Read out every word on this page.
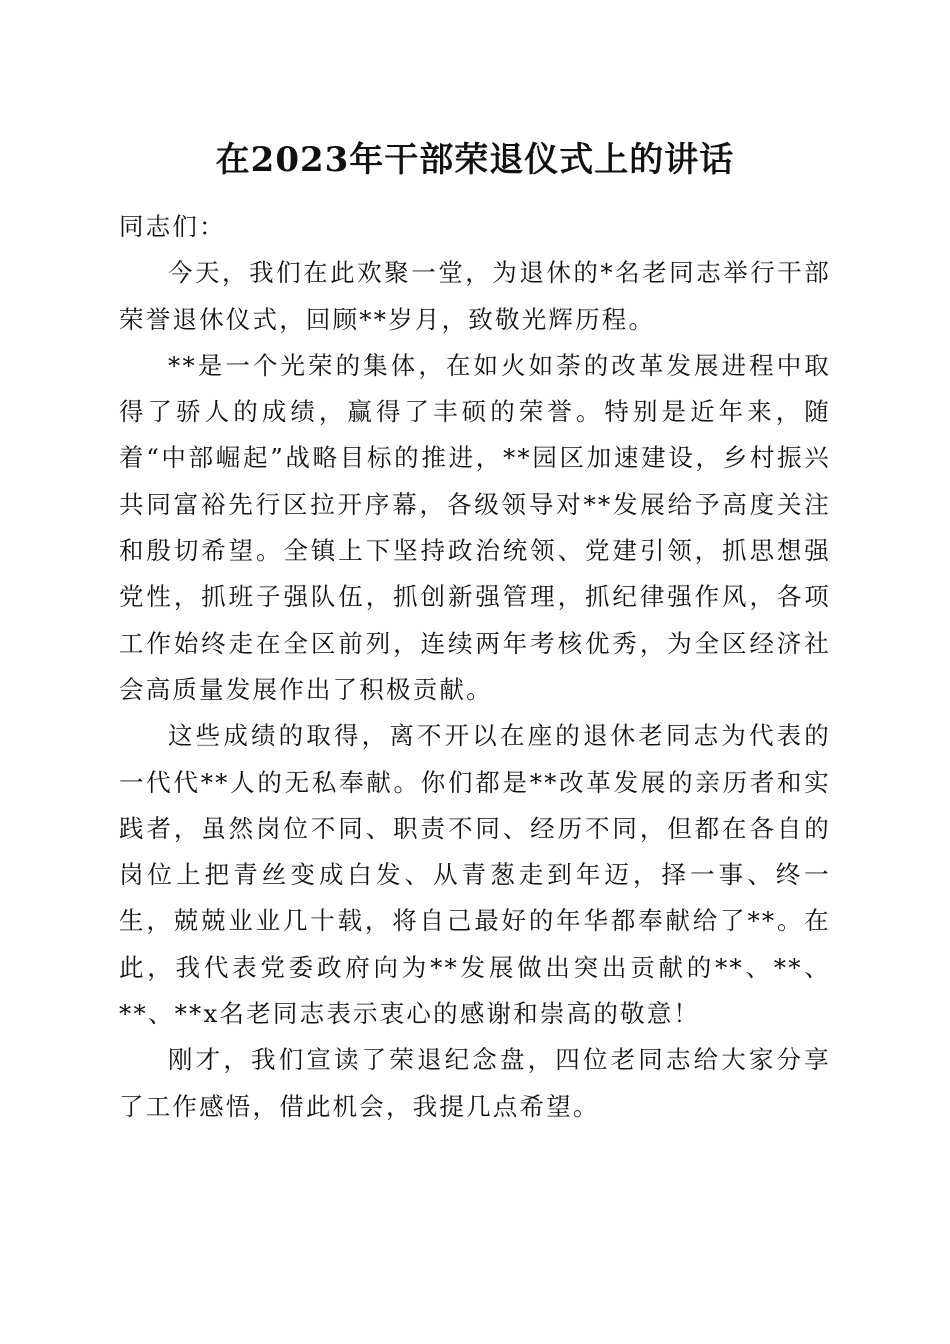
在2023年干部荣退仪式上的讲话

同志们：

今天，我们在此欢聚一堂，为退休的*名老同志举行干部荣誉退休仪式，回顾**岁月，致敬光辉历程。

**是一个光荣的集体，在如火如荼的改革发展进程中取得了骄人的成绩，赢得了丰硕的荣誉。特别是近年来，随着“中部崛起”战略目标的推进，**园区加速建设，乡村振兴共同富裕先行区拉开序幕，各级领导对**发展给予高度关注和殷切希望。全镇上下坚持政治统领、党建引领，抓思想强党性，抓班子强队伍，抓创新强管理，抓纪律强作风，各项工作始终走在全区前列，连续两年考核优秀，为全区经济社会高质量发展作出了积极贡献。

这些成绩的取得，离不开以在座的退休老同志为代表的一代代**人的无私奉献。你们都是**改革发展的亲历者和实践者，虽然岗位不同、职责不同、经历不同，但都在各自的岗位上把青丝变成白发、从青葱走到年迈，择一事、终一生，兢兢业业几十载，将自己最好的年华都奉献给了**。在此，我代表党委政府向为**发展做出突出贡献的**、**、**、**x名老同志表示衷心的感谢和崇高的敬意！

刚才，我们宣读了荣退纪念盘，四位老同志给大家分享了工作感悟，借此机会，我提几点希望。
